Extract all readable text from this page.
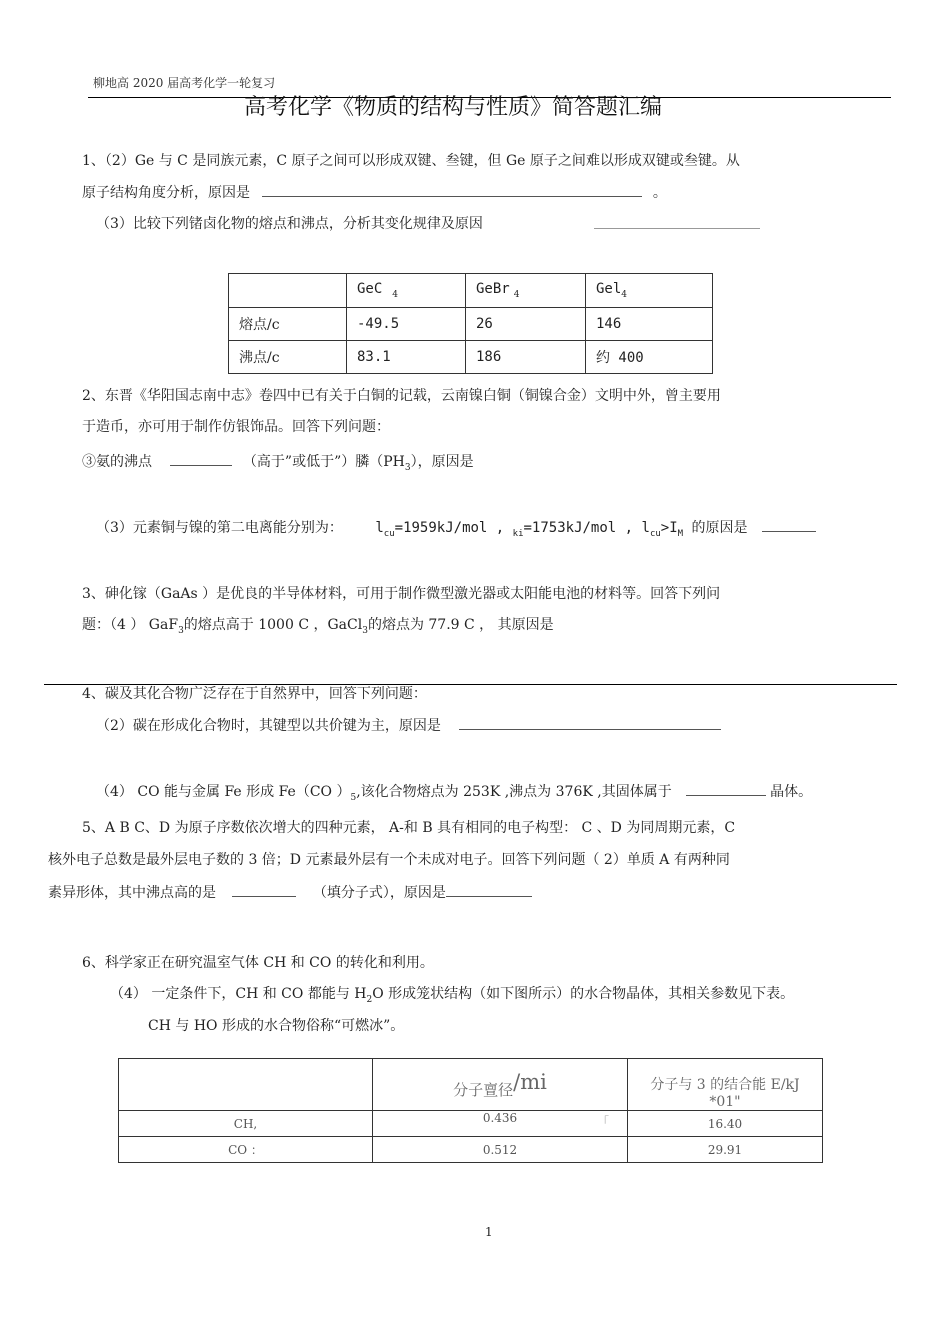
柳地高 2020 届高考化学一轮复习
高考化学《物质的结构与性质》简答题汇编
1、（2）Ge 与 C 是同族元素，C 原子之间可以形成双键、叁键，但 Ge 原子之间难以形成双键或叁键。从
原子结构角度分析，原因是	。
（3）比较下列锗卤化物的熔点和沸点，分析其变化规律及原因
	GeC $_4$	GeBr $_4$	Gel$_4$
熔点/c	-49.5	26	146
沸点/c	83.1	186	约 400
2、东晋《华阳国志南中志》卷四中已有关于白铜的记载，云南镍白铜（铜镍合金）文明中外，曾主要用
于造币，亦可用于制作仿银饰品。回答下列问题：
③氨的沸点	（高于”或低于”）膦$(PH_3)$，原因是
（3）元素铜与镍的第二电离能分别为： $l_{cu}=1959kJ$/mol , $_{ki}$=1753kJ/mol , $l_{cu}>I_M$ 的原因是
3、砷化镓（GaAs ）是优良的半导体材料，可用于制作微型激光器或太阳能电池的材料等。回答下列问
题：（4 ） GaF$_3$的熔点高于 1000 C ，GaCl$_3$的熔点为 77.9 C ， 其原因是
4、碳及其化合物广泛存在于自然界中，回答下列问题：
（2）碳在形成化合物时，其键型以共价键为主，原因是
（4） CO 能与金属 Fe 形成 Fe（CO ）$_5$,该化合物熔点为 253K ,沸点为 376K ,其固体属于	晶体。
5、A B C、D 为原子序数依次增大的四种元素， A-和 B 具有相同的电子构型： C 、D 为同周期元素，C
核外电子总数是最外层电子数的 3 倍；D 元素最外层有一个未成对电子。回答下列问题（ 2）单质 A 有两种同
素异形体，其中沸点高的是	（填分子式），原因是
6、科学家正在研究温室气体 CH 和 CO 的转化和利用。
（4） 一定条件下，CH 和 CO 都能与 $H_2O$ 形成笼状结构（如下图所示）的水合物晶体，其相关参数见下表。
CH 与 HO 形成的水合物俗称“可燃冰”。
	分子亶径/mi	分子与 3 的结合能 E/kJ *01"
CH,	0.436 「	16.40
CO ：	0.512	29.91
1
